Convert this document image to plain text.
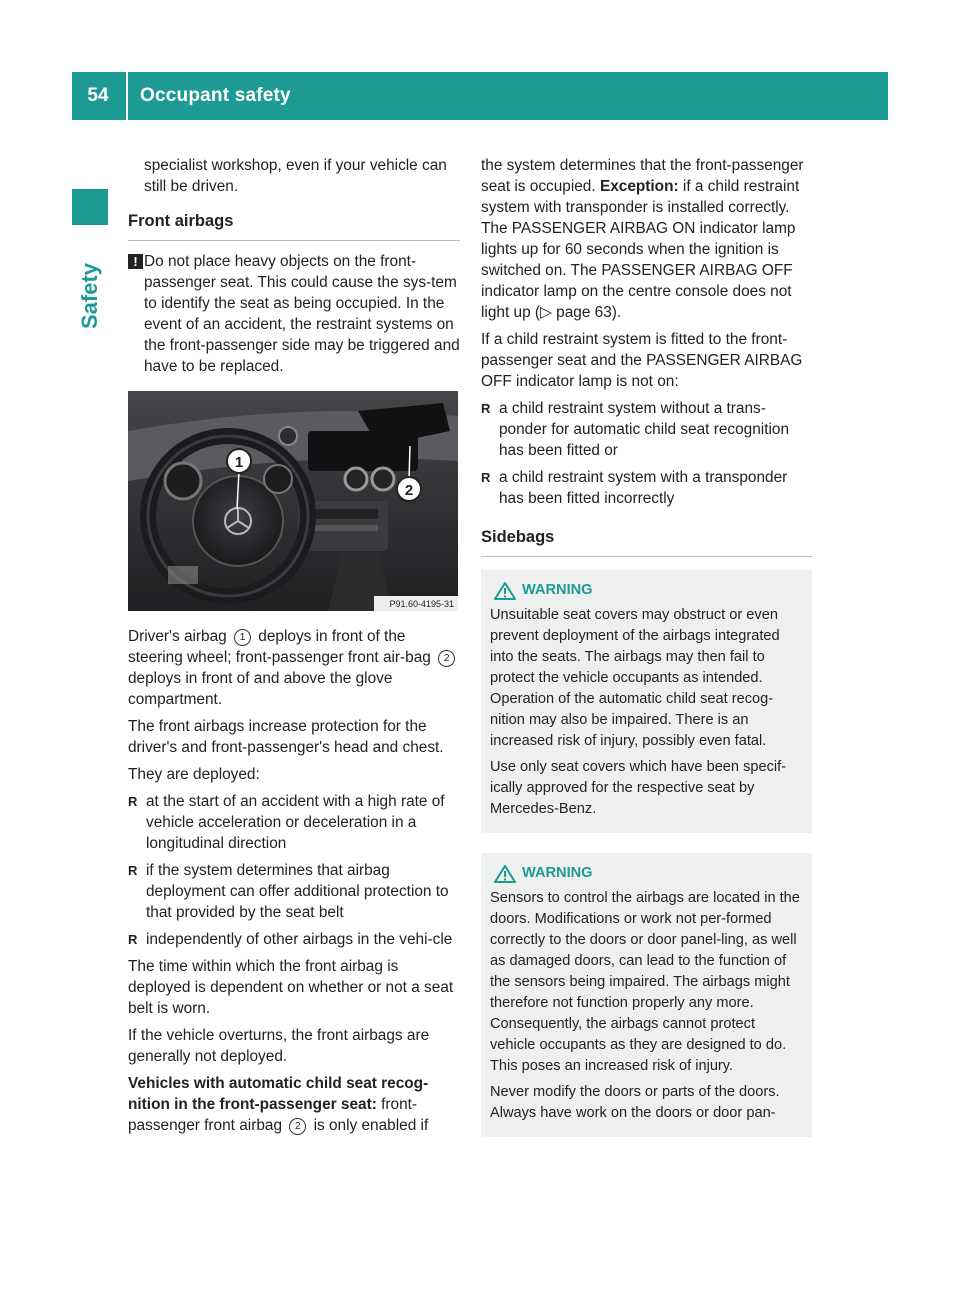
54	Occupant safety
Safety

specialist workshop, even if your vehicle can still be driven.

Front airbags
! Do not place heavy objects on the front-passenger seat. This could cause the sys-tem to identify the seat as being occupied. In the event of an accident, the restraint systems on the front-passenger side may be triggered and have to be replaced.
1
2
P91.60-4195-31

Driver's airbag 1 deploys in front of the steering wheel; front-passenger front air-bag 2 deploys in front of and above the glove compartment.

The front airbags increase protection for the driver's and front-passenger's head and chest.

They are deployed:

R at the start of an accident with a high rate of vehicle acceleration or deceleration in a longitudinal direction
R if the system determines that airbag deployment can offer additional protection to that provided by the seat belt
R independently of other airbags in the vehi-cle

The time within which the front airbag is deployed is dependent on whether or not a seat belt is worn.

If the vehicle overturns, the front airbags are generally not deployed.

Vehicles with automatic child seat recog-nition in the front-passenger seat: front-passenger front airbag 2 is only enabled if

the system determines that the front-passenger seat is occupied. Exception: if a child restraint system with transponder is installed correctly. The PASSENGER AIRBAG ON indicator lamp lights up for 60 seconds when the ignition is switched on. The PASSENGER AIRBAG OFF indicator lamp on the centre console does not light up (▷ page 63).

If a child restraint system is fitted to the front-passenger seat and the PASSENGER AIRBAG OFF indicator lamp is not on:

R a child restraint system without a trans-ponder for automatic child seat recognition has been fitted or
R a child restraint system with a transponder has been fitted incorrectly
Sidebags
WARNING

Unsuitable seat covers may obstruct or even prevent deployment of the airbags integrated into the seats. The airbags may then fail to protect the vehicle occupants as intended. Operation of the automatic child seat recog-nition may also be impaired. There is an increased risk of injury, possibly even fatal.

Use only seat covers which have been specif-ically approved for the respective seat by Mercedes-Benz.

WARNING

Sensors to control the airbags are located in the doors. Modifications or work not per-formed correctly to the doors or door panel-ling, as well as damaged doors, can lead to the function of the sensors being impaired. The airbags might therefore not function properly any more. Consequently, the airbags cannot protect vehicle occupants as they are designed to do. This poses an increased risk of injury.

Never modify the doors or parts of the doors. Always have work on the doors or door pan-
